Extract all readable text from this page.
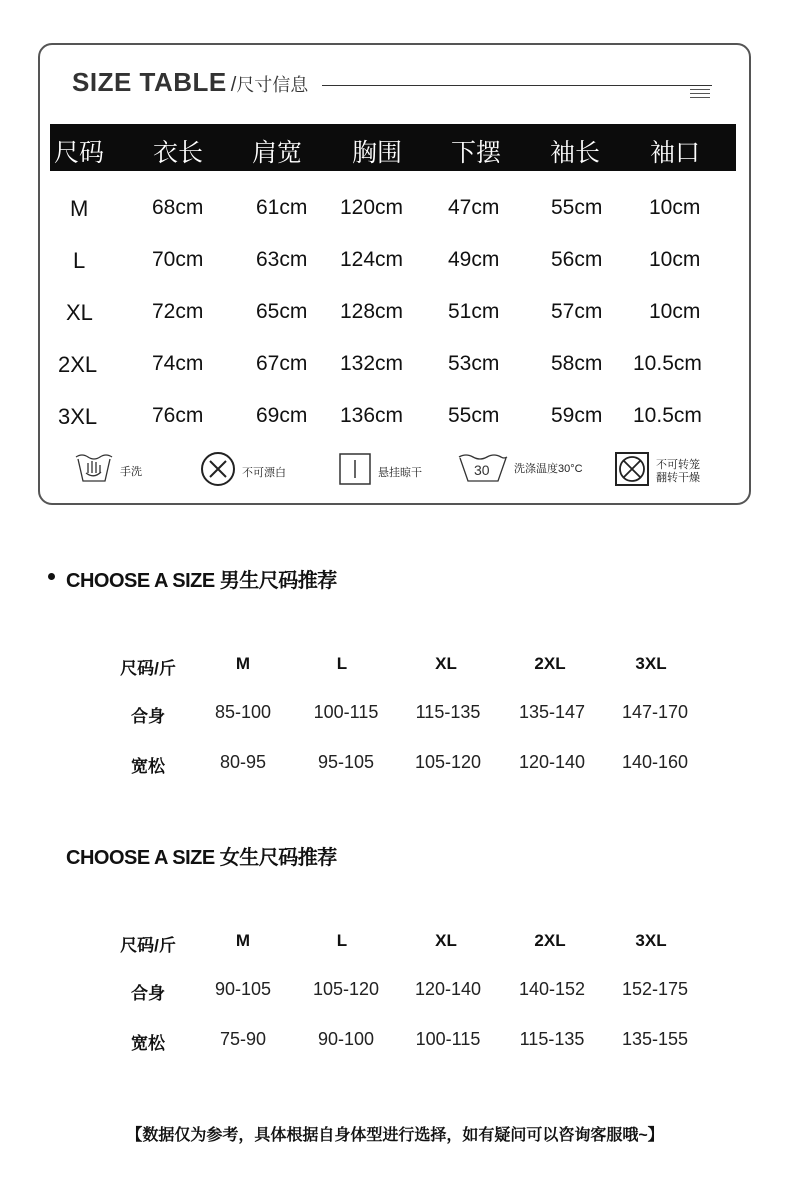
SIZE TABLE / 尺寸信息
尺码 衣长 肩宽 胸围 下摆 袖长 袖口
M	68cm	61cm 120cm 47cm 55cm 10cm
L	70cm	63cm 124cm 49cm 56cm 10cm
XL	72cm	65cm 128cm 51cm 57cm 10cm
2XL	74cm	67cm 132cm 53cm 58cm 10.5cm
3XL	76cm	69cm 136cm 55cm 59cm 10.5cm
手洗	不可漂白	悬挂晾干	30 洗涤温度30°C	不可转笼
翻转干燥
CHOOSE A SIZE 男生尺码推荐
尺码/斤	M	L	XL	2XL	3XL
合身	85-100 100-115 115-135 135-147 147-170
宽松	80-95	95-105 105-120 120-140 140-160
CHOOSE A SIZE 女生尺码推荐
尺码/斤	M	L	XL	2XL	3XL
合身	90-105 105-120 120-140 140-152 152-175
宽松	75-90	90-100 100-115 115-135 135-155
【数据仅为参考，具体根据自身体型进行选择，如有疑问可以咨询客服哦~】
